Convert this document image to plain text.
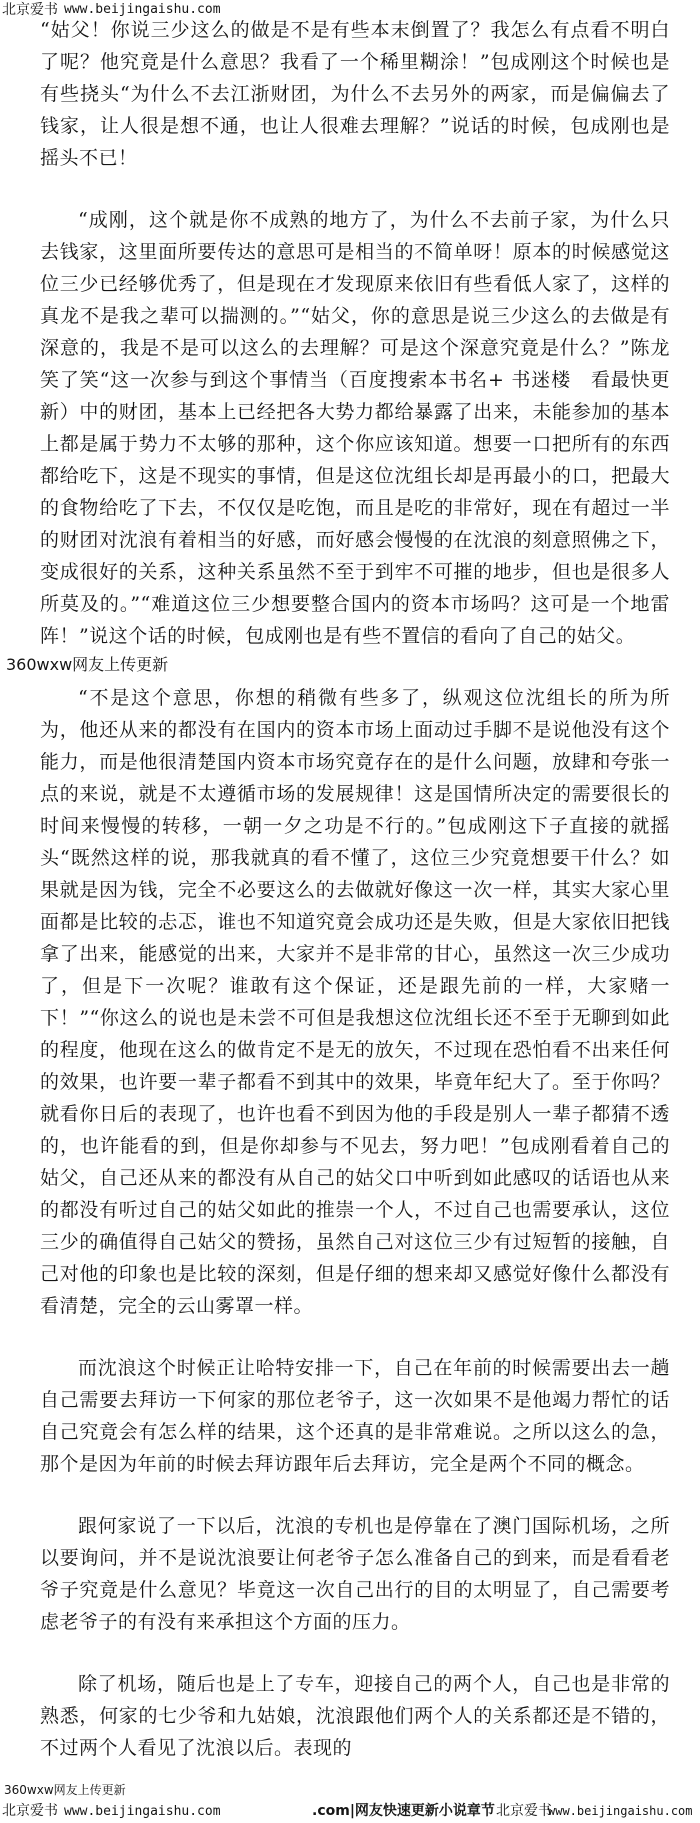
北京爱书 www.beijingaishu.com

“姑父！你说三少这么的做是不是有些本末倒置了？我怎么有点看不明白了呢？他究竟是什么意思？我看了一个稀里糊涂！”包成刚这个时候也是有些挠头“为什么不去江浙财团，为什么不去另外的两家，而是偏偏去了钱家，让人很是想不通，也让人很难去理解？”说话的时候，包成刚也是摇头不已！

“成刚，这个就是你不成熟的地方了，为什么不去前子家，为什么只去钱家，这里面所要传达的意思可是相当的不简单呀！原本的时候感觉这位三少已经够优秀了，但是现在才发现原来依旧有些看低人家了，这样的真龙不是我之辈可以揣测的。”“姑父，你的意思是说三少这么的去做是有深意的，我是不是可以这么的去理解？可是这个深意究竟是什么？”陈龙笑了笑“这一次参与到这个事情当（百度搜索本书名+ 书迷楼　看最快更新）中的财团，基本上已经把各大势力都给暴露了出来，未能参加的基本上都是属于势力不太够的那种，这个你应该知道。想要一口把所有的东西都给吃下，这是不现实的事情，但是这位沈组长却是再最小的口，把最大的食物给吃了下去，不仅仅是吃饱，而且是吃的非常好，现在有超过一半的财团对沈浪有着相当的好感，而好感会慢慢的在沈浪的刻意照佛之下，变成很好的关系，这种关系虽然不至于到牢不可摧的地步，但也是很多人所莫及的。”“难道这位三少想要整合国内的资本市场吗？这可是一个地雷阵！”说这个话的时候，包成刚也是有些不置信的看向了自己的姑父。

360wxw网友上传更新

“不是这个意思，你想的稍微有些多了，纵观这位沈组长的所为所为，他还从来的都没有在国内的资本市场上面动过手脚不是说他没有这个能力，而是他很清楚国内资本市场究竟存在的是什么问题，放肆和夸张一点的来说，就是不太遵循市场的发展规律！这是国情所决定的需要很长的时间来慢慢的转移，一朝一夕之功是不行的。”包成刚这下子直接的就摇头“既然这样的说，那我就真的看不懂了，这位三少究竟想要干什么？如果就是因为钱，完全不必要这么的去做就好像这一次一样，其实大家心里面都是比较的忐忑，谁也不知道究竟会成功还是失败，但是大家依旧把钱拿了出来，能感觉的出来，大家并不是非常的甘心，虽然这一次三少成功了，但是下一次呢？谁敢有这个保证，还是跟先前的一样，大家赌一下！”“你这么的说也是未尝不可但是我想这位沈组长还不至于无聊到如此的程度，他现在这么的做肯定不是无的放矢，不过现在恐怕看不出来任何的效果，也许要一辈子都看不到其中的效果，毕竟年纪大了。至于你吗？就看你日后的表现了，也许也看不到因为他的手段是别人一辈子都猜不透的，也许能看的到，但是你却参与不见去，努力吧！”包成刚看着自己的姑父，自己还从来的都没有从自己的姑父口中听到如此感叹的话语也从来的都没有听过自己的姑父如此的推崇一个人，不过自己也需要承认，这位三少的确值得自己姑父的赞扬，虽然自己对这位三少有过短暂的接触，自己对他的印象也是比较的深刻，但是仔细的想来却又感觉好像什么都没有看清楚，完全的云山雾罩一样。

而沈浪这个时候正让哈特安排一下，自己在年前的时候需要出去一趟自己需要去拜访一下何家的那位老爷子，这一次如果不是他竭力帮忙的话自己究竟会有怎么样的结果，这个还真的是非常难说。之所以这么的急，那个是因为年前的时候去拜访跟年后去拜访，完全是两个不同的概念。

跟何家说了一下以后，沈浪的专机也是停靠在了澳门国际机场，之所以要询问，并不是说沈浪要让何老爷子怎么准备自己的到来，而是看看老爷子究竟是什么意见？毕竟这一次自己出行的目的太明显了，自己需要考虑老爷子的有没有来承担这个方面的压力。

除了机场，随后也是上了专车，迎接自己的两个人，自己也是非常的熟悉，何家的七少爷和九姑娘，沈浪跟他们两个人的关系都还是不错的，不过两个人看见了沈浪以后。表现的

360wxw网友上传更新
北京爱书 www.beijingaishu.com	.com|网友快速更新小说章节 北京爱书
www.beijingaishu.com
